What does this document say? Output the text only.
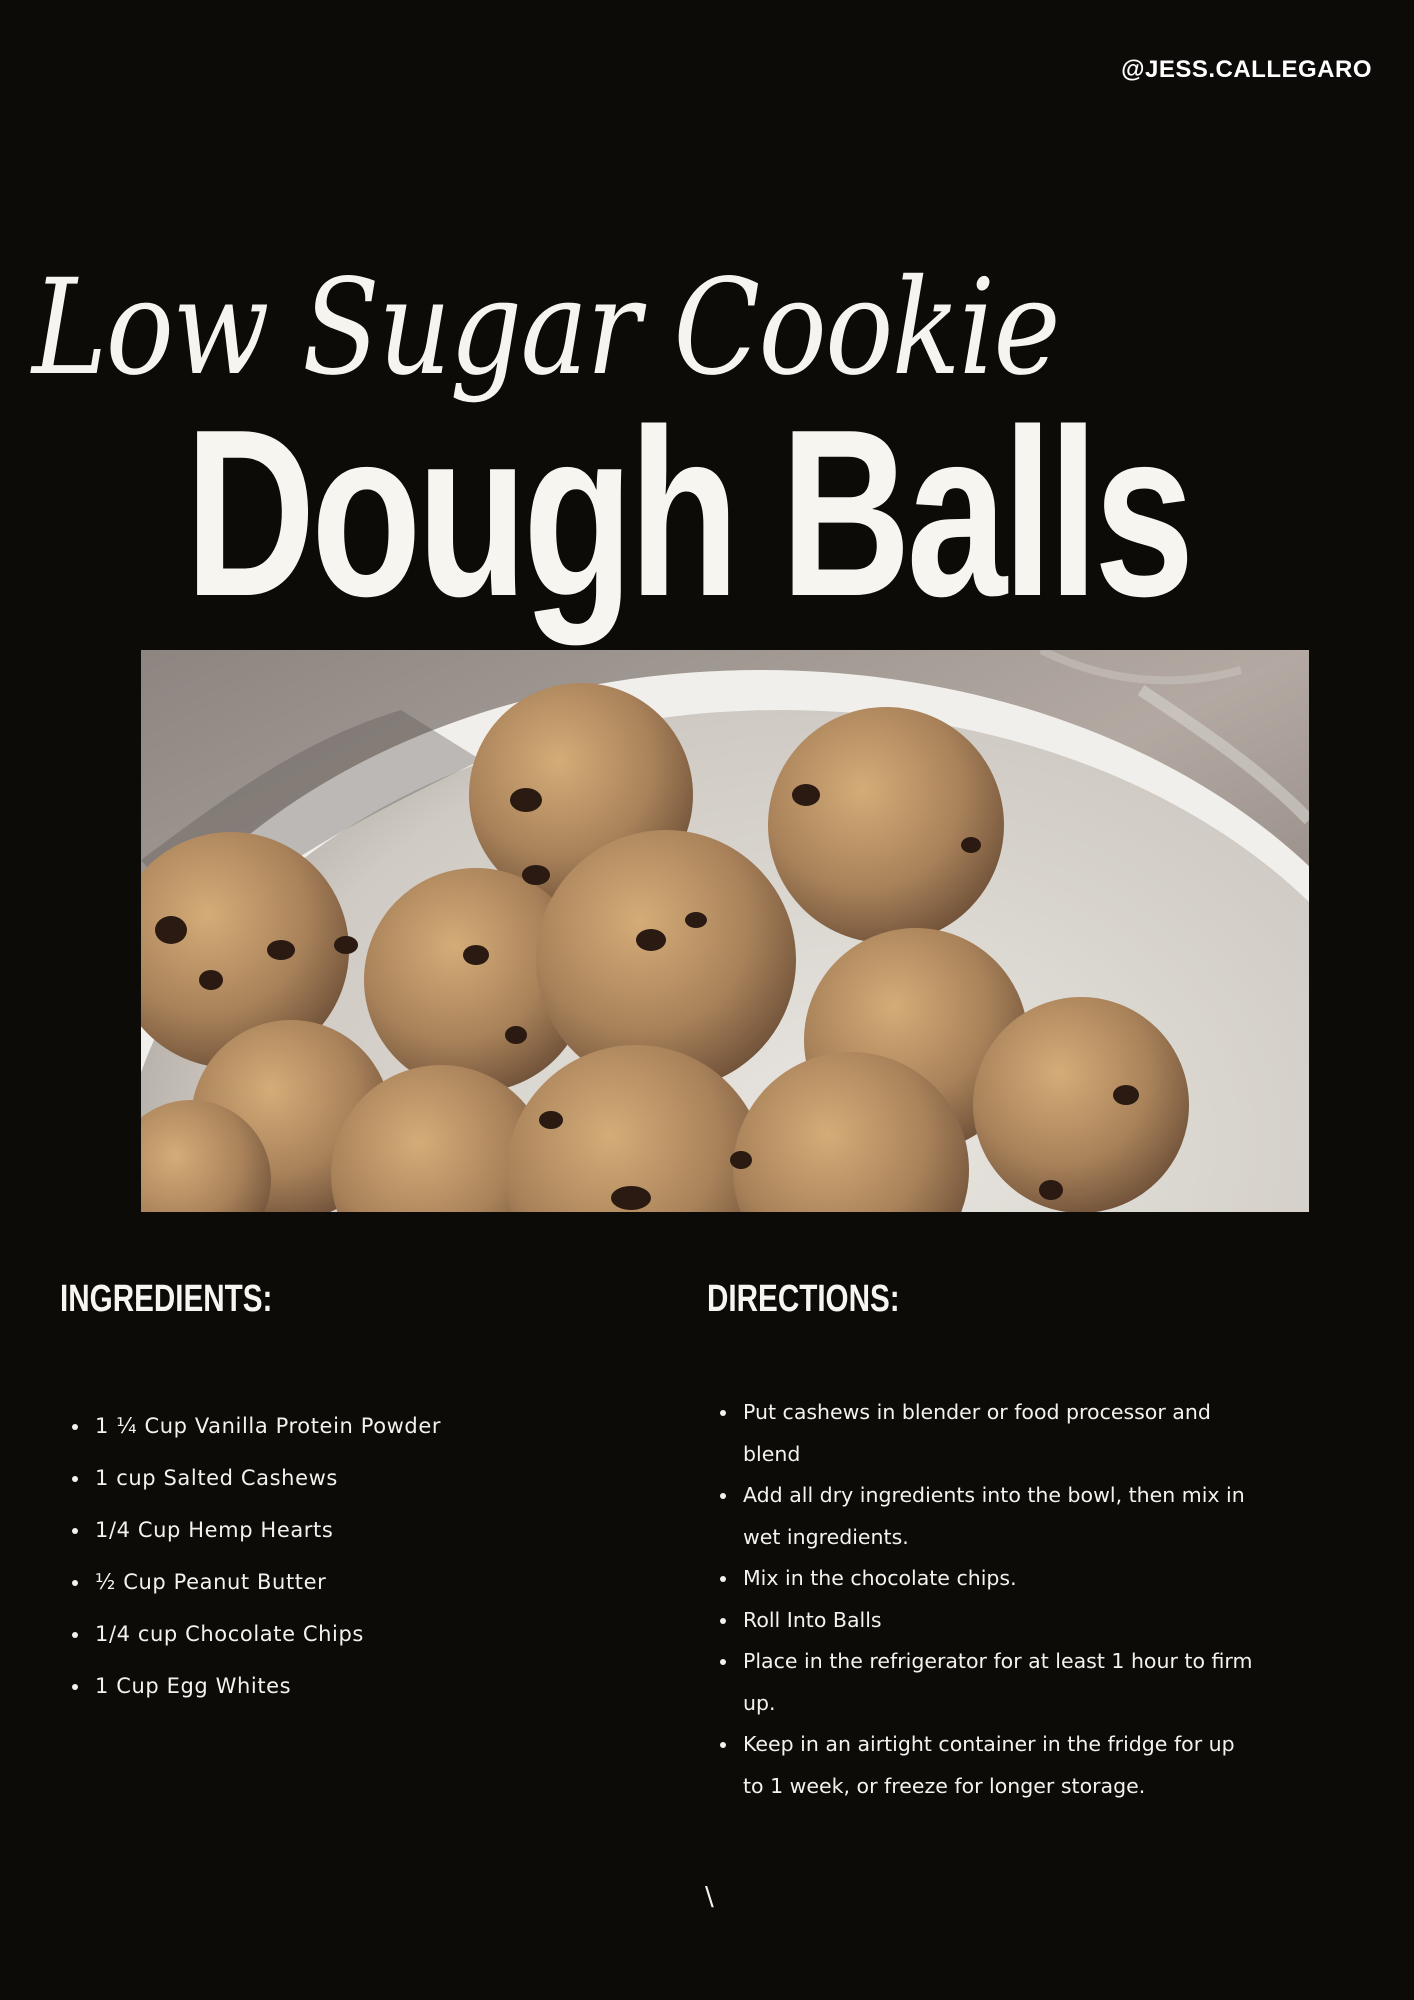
@JESS.CALLEGARO
Low Sugar Cookie
Dough Balls
INGREDIENTS:	DIRECTIONS:
1 ¼ Cup Vanilla Protein Powder
1 cup Salted Cashews
1/4 Cup Hemp Hearts
½ Cup Peanut Butter
1/4 cup Chocolate Chips
1 Cup Egg Whites
Put cashews in blender or food processor and blend
Add all dry ingredients into the bowl, then mix in wet ingredients.
Mix in the chocolate chips.
Roll Into Balls
Place in the refrigerator for at least 1 hour to firm up.
Keep in an airtight container in the fridge for up to 1 week, or freeze for longer storage.
\
